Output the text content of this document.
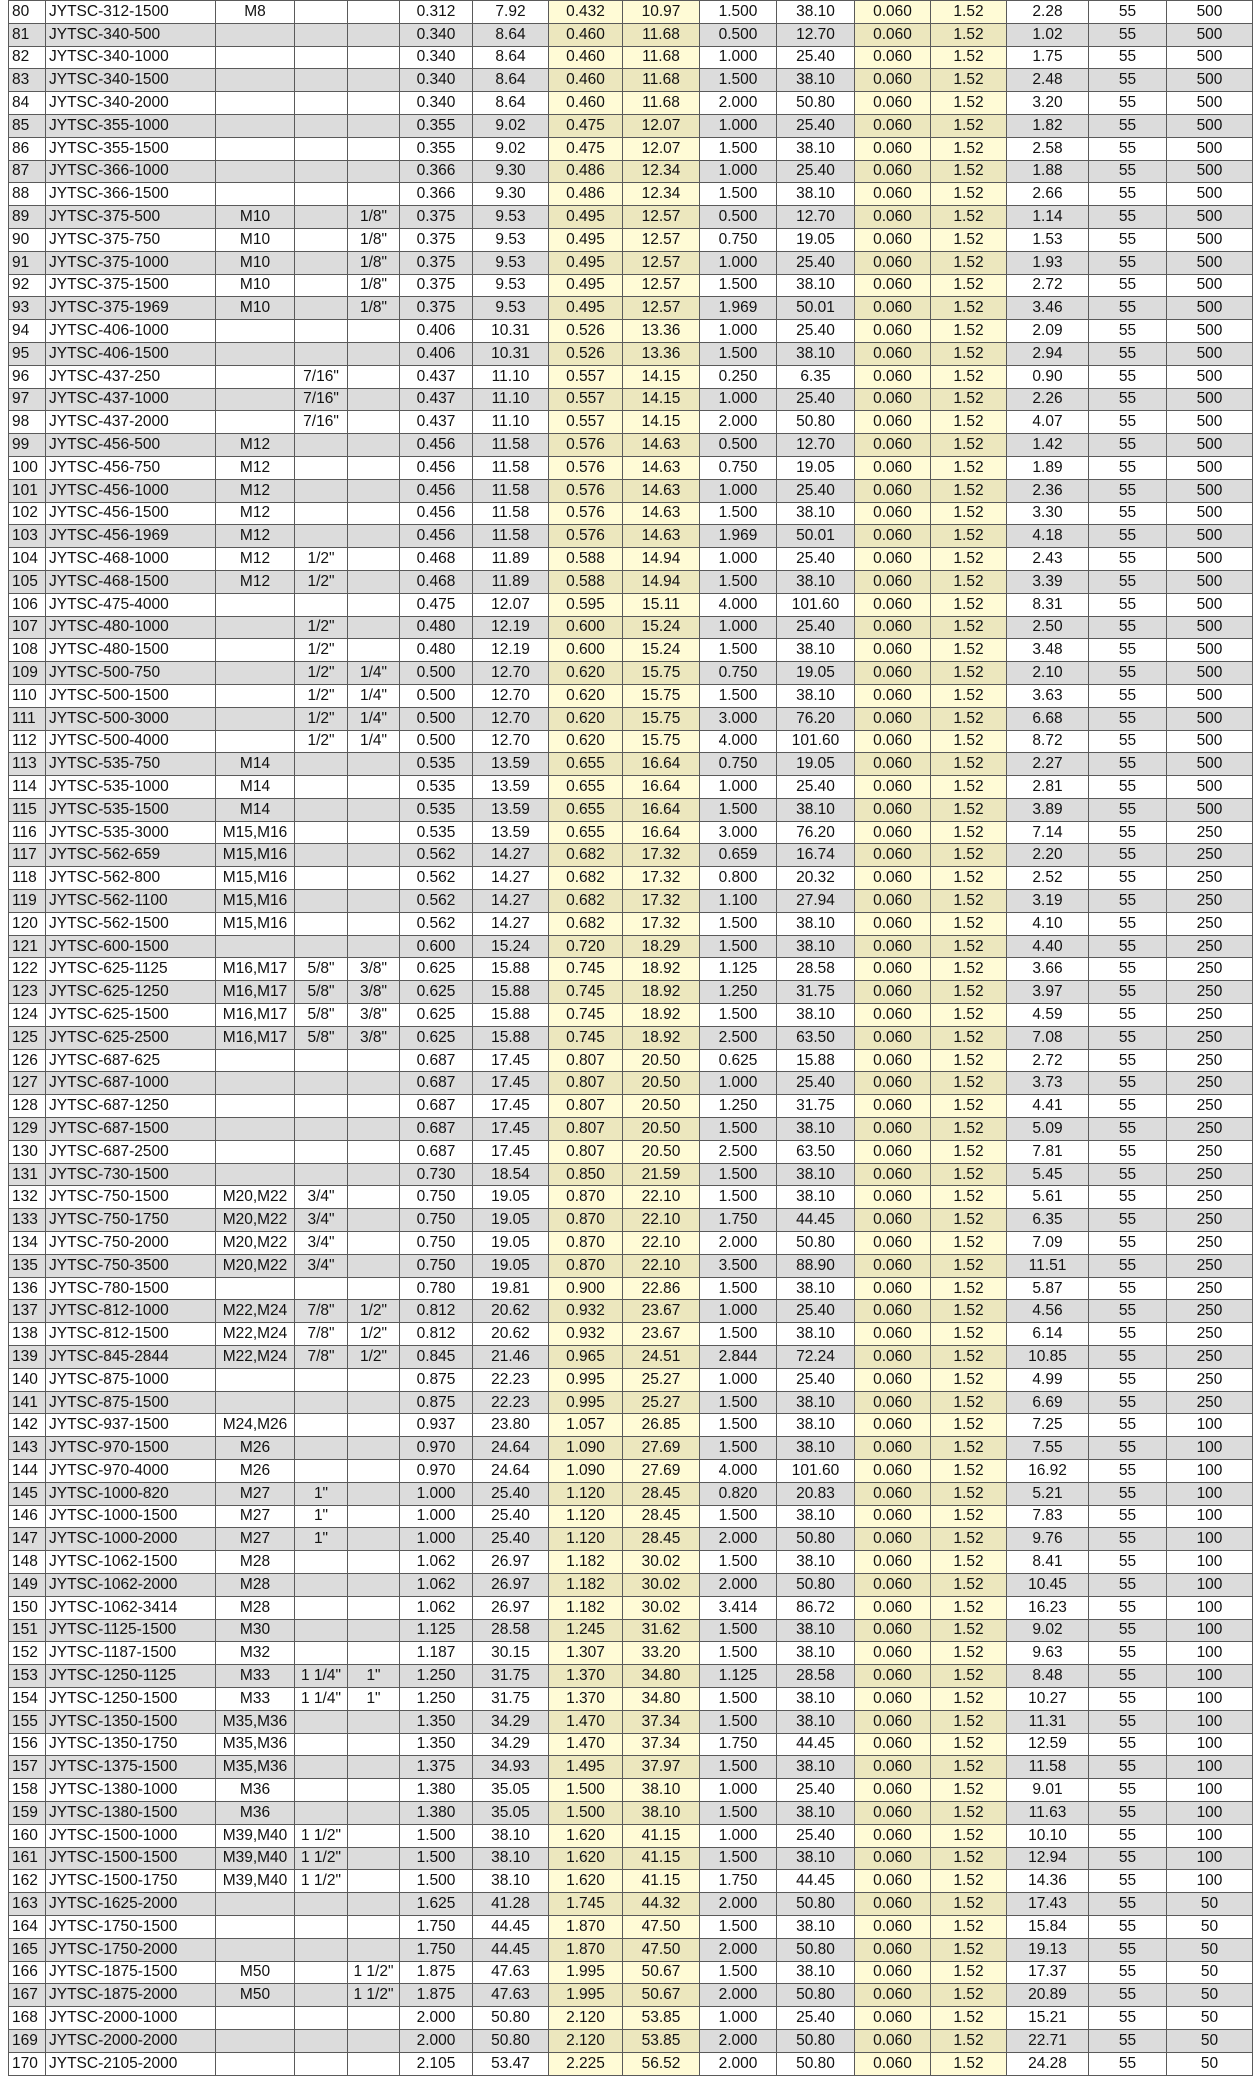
80	JYTSC-312-1500	M8			0.312	7.92	0.432	10.97	1.500	38.10	0.060	1.52	2.28	55	500
81	JYTSC-340-500				0.340	8.64	0.460	11.68	0.500	12.70	0.060	1.52	1.02	55	500
82	JYTSC-340-1000				0.340	8.64	0.460	11.68	1.000	25.40	0.060	1.52	1.75	55	500
83	JYTSC-340-1500				0.340	8.64	0.460	11.68	1.500	38.10	0.060	1.52	2.48	55	500
84	JYTSC-340-2000				0.340	8.64	0.460	11.68	2.000	50.80	0.060	1.52	3.20	55	500
85	JYTSC-355-1000				0.355	9.02	0.475	12.07	1.000	25.40	0.060	1.52	1.82	55	500
86	JYTSC-355-1500				0.355	9.02	0.475	12.07	1.500	38.10	0.060	1.52	2.58	55	500
87	JYTSC-366-1000				0.366	9.30	0.486	12.34	1.000	25.40	0.060	1.52	1.88	55	500
88	JYTSC-366-1500				0.366	9.30	0.486	12.34	1.500	38.10	0.060	1.52	2.66	55	500
89	JYTSC-375-500	M10		1/8"	0.375	9.53	0.495	12.57	0.500	12.70	0.060	1.52	1.14	55	500
90	JYTSC-375-750	M10		1/8"	0.375	9.53	0.495	12.57	0.750	19.05	0.060	1.52	1.53	55	500
91	JYTSC-375-1000	M10		1/8"	0.375	9.53	0.495	12.57	1.000	25.40	0.060	1.52	1.93	55	500
92	JYTSC-375-1500	M10		1/8"	0.375	9.53	0.495	12.57	1.500	38.10	0.060	1.52	2.72	55	500
93	JYTSC-375-1969	M10		1/8"	0.375	9.53	0.495	12.57	1.969	50.01	0.060	1.52	3.46	55	500
94	JYTSC-406-1000				0.406	10.31	0.526	13.36	1.000	25.40	0.060	1.52	2.09	55	500
95	JYTSC-406-1500				0.406	10.31	0.526	13.36	1.500	38.10	0.060	1.52	2.94	55	500
96	JYTSC-437-250		7/16"		0.437	11.10	0.557	14.15	0.250	6.35	0.060	1.52	0.90	55	500
97	JYTSC-437-1000		7/16"		0.437	11.10	0.557	14.15	1.000	25.40	0.060	1.52	2.26	55	500
98	JYTSC-437-2000		7/16"		0.437	11.10	0.557	14.15	2.000	50.80	0.060	1.52	4.07	55	500
99	JYTSC-456-500	M12			0.456	11.58	0.576	14.63	0.500	12.70	0.060	1.52	1.42	55	500
100	JYTSC-456-750	M12			0.456	11.58	0.576	14.63	0.750	19.05	0.060	1.52	1.89	55	500
101	JYTSC-456-1000	M12			0.456	11.58	0.576	14.63	1.000	25.40	0.060	1.52	2.36	55	500
102	JYTSC-456-1500	M12			0.456	11.58	0.576	14.63	1.500	38.10	0.060	1.52	3.30	55	500
103	JYTSC-456-1969	M12			0.456	11.58	0.576	14.63	1.969	50.01	0.060	1.52	4.18	55	500
104	JYTSC-468-1000	M12	1/2"		0.468	11.89	0.588	14.94	1.000	25.40	0.060	1.52	2.43	55	500
105	JYTSC-468-1500	M12	1/2"		0.468	11.89	0.588	14.94	1.500	38.10	0.060	1.52	3.39	55	500
106	JYTSC-475-4000				0.475	12.07	0.595	15.11	4.000	101.60	0.060	1.52	8.31	55	500
107	JYTSC-480-1000		1/2"		0.480	12.19	0.600	15.24	1.000	25.40	0.060	1.52	2.50	55	500
108	JYTSC-480-1500		1/2"		0.480	12.19	0.600	15.24	1.500	38.10	0.060	1.52	3.48	55	500
109	JYTSC-500-750		1/2"	1/4"	0.500	12.70	0.620	15.75	0.750	19.05	0.060	1.52	2.10	55	500
110	JYTSC-500-1500		1/2"	1/4"	0.500	12.70	0.620	15.75	1.500	38.10	0.060	1.52	3.63	55	500
111	JYTSC-500-3000		1/2"	1/4"	0.500	12.70	0.620	15.75	3.000	76.20	0.060	1.52	6.68	55	500
112	JYTSC-500-4000		1/2"	1/4"	0.500	12.70	0.620	15.75	4.000	101.60	0.060	1.52	8.72	55	500
113	JYTSC-535-750	M14			0.535	13.59	0.655	16.64	0.750	19.05	0.060	1.52	2.27	55	500
114	JYTSC-535-1000	M14			0.535	13.59	0.655	16.64	1.000	25.40	0.060	1.52	2.81	55	500
115	JYTSC-535-1500	M14			0.535	13.59	0.655	16.64	1.500	38.10	0.060	1.52	3.89	55	500
116	JYTSC-535-3000	M15,M16			0.535	13.59	0.655	16.64	3.000	76.20	0.060	1.52	7.14	55	250
117	JYTSC-562-659	M15,M16			0.562	14.27	0.682	17.32	0.659	16.74	0.060	1.52	2.20	55	250
118	JYTSC-562-800	M15,M16			0.562	14.27	0.682	17.32	0.800	20.32	0.060	1.52	2.52	55	250
119	JYTSC-562-1100	M15,M16			0.562	14.27	0.682	17.32	1.100	27.94	0.060	1.52	3.19	55	250
120	JYTSC-562-1500	M15,M16			0.562	14.27	0.682	17.32	1.500	38.10	0.060	1.52	4.10	55	250
121	JYTSC-600-1500				0.600	15.24	0.720	18.29	1.500	38.10	0.060	1.52	4.40	55	250
122	JYTSC-625-1125	M16,M17	5/8"	3/8"	0.625	15.88	0.745	18.92	1.125	28.58	0.060	1.52	3.66	55	250
123	JYTSC-625-1250	M16,M17	5/8"	3/8"	0.625	15.88	0.745	18.92	1.250	31.75	0.060	1.52	3.97	55	250
124	JYTSC-625-1500	M16,M17	5/8"	3/8"	0.625	15.88	0.745	18.92	1.500	38.10	0.060	1.52	4.59	55	250
125	JYTSC-625-2500	M16,M17	5/8"	3/8"	0.625	15.88	0.745	18.92	2.500	63.50	0.060	1.52	7.08	55	250
126	JYTSC-687-625				0.687	17.45	0.807	20.50	0.625	15.88	0.060	1.52	2.72	55	250
127	JYTSC-687-1000				0.687	17.45	0.807	20.50	1.000	25.40	0.060	1.52	3.73	55	250
128	JYTSC-687-1250				0.687	17.45	0.807	20.50	1.250	31.75	0.060	1.52	4.41	55	250
129	JYTSC-687-1500				0.687	17.45	0.807	20.50	1.500	38.10	0.060	1.52	5.09	55	250
130	JYTSC-687-2500				0.687	17.45	0.807	20.50	2.500	63.50	0.060	1.52	7.81	55	250
131	JYTSC-730-1500				0.730	18.54	0.850	21.59	1.500	38.10	0.060	1.52	5.45	55	250
132	JYTSC-750-1500	M20,M22	3/4"		0.750	19.05	0.870	22.10	1.500	38.10	0.060	1.52	5.61	55	250
133	JYTSC-750-1750	M20,M22	3/4"		0.750	19.05	0.870	22.10	1.750	44.45	0.060	1.52	6.35	55	250
134	JYTSC-750-2000	M20,M22	3/4"		0.750	19.05	0.870	22.10	2.000	50.80	0.060	1.52	7.09	55	250
135	JYTSC-750-3500	M20,M22	3/4"		0.750	19.05	0.870	22.10	3.500	88.90	0.060	1.52	11.51	55	250
136	JYTSC-780-1500				0.780	19.81	0.900	22.86	1.500	38.10	0.060	1.52	5.87	55	250
137	JYTSC-812-1000	M22,M24	7/8"	1/2"	0.812	20.62	0.932	23.67	1.000	25.40	0.060	1.52	4.56	55	250
138	JYTSC-812-1500	M22,M24	7/8"	1/2"	0.812	20.62	0.932	23.67	1.500	38.10	0.060	1.52	6.14	55	250
139	JYTSC-845-2844	M22,M24	7/8"	1/2"	0.845	21.46	0.965	24.51	2.844	72.24	0.060	1.52	10.85	55	250
140	JYTSC-875-1000				0.875	22.23	0.995	25.27	1.000	25.40	0.060	1.52	4.99	55	250
141	JYTSC-875-1500				0.875	22.23	0.995	25.27	1.500	38.10	0.060	1.52	6.69	55	250
142	JYTSC-937-1500	M24,M26			0.937	23.80	1.057	26.85	1.500	38.10	0.060	1.52	7.25	55	100
143	JYTSC-970-1500	M26			0.970	24.64	1.090	27.69	1.500	38.10	0.060	1.52	7.55	55	100
144	JYTSC-970-4000	M26			0.970	24.64	1.090	27.69	4.000	101.60	0.060	1.52	16.92	55	100
145	JYTSC-1000-820	M27	1"		1.000	25.40	1.120	28.45	0.820	20.83	0.060	1.52	5.21	55	100
146	JYTSC-1000-1500	M27	1"		1.000	25.40	1.120	28.45	1.500	38.10	0.060	1.52	7.83	55	100
147	JYTSC-1000-2000	M27	1"		1.000	25.40	1.120	28.45	2.000	50.80	0.060	1.52	9.76	55	100
148	JYTSC-1062-1500	M28			1.062	26.97	1.182	30.02	1.500	38.10	0.060	1.52	8.41	55	100
149	JYTSC-1062-2000	M28			1.062	26.97	1.182	30.02	2.000	50.80	0.060	1.52	10.45	55	100
150	JYTSC-1062-3414	M28			1.062	26.97	1.182	30.02	3.414	86.72	0.060	1.52	16.23	55	100
151	JYTSC-1125-1500	M30			1.125	28.58	1.245	31.62	1.500	38.10	0.060	1.52	9.02	55	100
152	JYTSC-1187-1500	M32			1.187	30.15	1.307	33.20	1.500	38.10	0.060	1.52	9.63	55	100
153	JYTSC-1250-1125	M33	1 1/4"	1"	1.250	31.75	1.370	34.80	1.125	28.58	0.060	1.52	8.48	55	100
154	JYTSC-1250-1500	M33	1 1/4"	1"	1.250	31.75	1.370	34.80	1.500	38.10	0.060	1.52	10.27	55	100
155	JYTSC-1350-1500	M35,M36			1.350	34.29	1.470	37.34	1.500	38.10	0.060	1.52	11.31	55	100
156	JYTSC-1350-1750	M35,M36			1.350	34.29	1.470	37.34	1.750	44.45	0.060	1.52	12.59	55	100
157	JYTSC-1375-1500	M35,M36			1.375	34.93	1.495	37.97	1.500	38.10	0.060	1.52	11.58	55	100
158	JYTSC-1380-1000	M36			1.380	35.05	1.500	38.10	1.000	25.40	0.060	1.52	9.01	55	100
159	JYTSC-1380-1500	M36			1.380	35.05	1.500	38.10	1.500	38.10	0.060	1.52	11.63	55	100
160	JYTSC-1500-1000	M39,M40	1 1/2"		1.500	38.10	1.620	41.15	1.000	25.40	0.060	1.52	10.10	55	100
161	JYTSC-1500-1500	M39,M40	1 1/2"		1.500	38.10	1.620	41.15	1.500	38.10	0.060	1.52	12.94	55	100
162	JYTSC-1500-1750	M39,M40	1 1/2"		1.500	38.10	1.620	41.15	1.750	44.45	0.060	1.52	14.36	55	100
163	JYTSC-1625-2000				1.625	41.28	1.745	44.32	2.000	50.80	0.060	1.52	17.43	55	50
164	JYTSC-1750-1500				1.750	44.45	1.870	47.50	1.500	38.10	0.060	1.52	15.84	55	50
165	JYTSC-1750-2000				1.750	44.45	1.870	47.50	2.000	50.80	0.060	1.52	19.13	55	50
166	JYTSC-1875-1500	M50		1 1/2"	1.875	47.63	1.995	50.67	1.500	38.10	0.060	1.52	17.37	55	50
167	JYTSC-1875-2000	M50		1 1/2"	1.875	47.63	1.995	50.67	2.000	50.80	0.060	1.52	20.89	55	50
168	JYTSC-2000-1000				2.000	50.80	2.120	53.85	1.000	25.40	0.060	1.52	15.21	55	50
169	JYTSC-2000-2000				2.000	50.80	2.120	53.85	2.000	50.80	0.060	1.52	22.71	55	50
170	JYTSC-2105-2000				2.105	53.47	2.225	56.52	2.000	50.80	0.060	1.52	24.28	55	50
